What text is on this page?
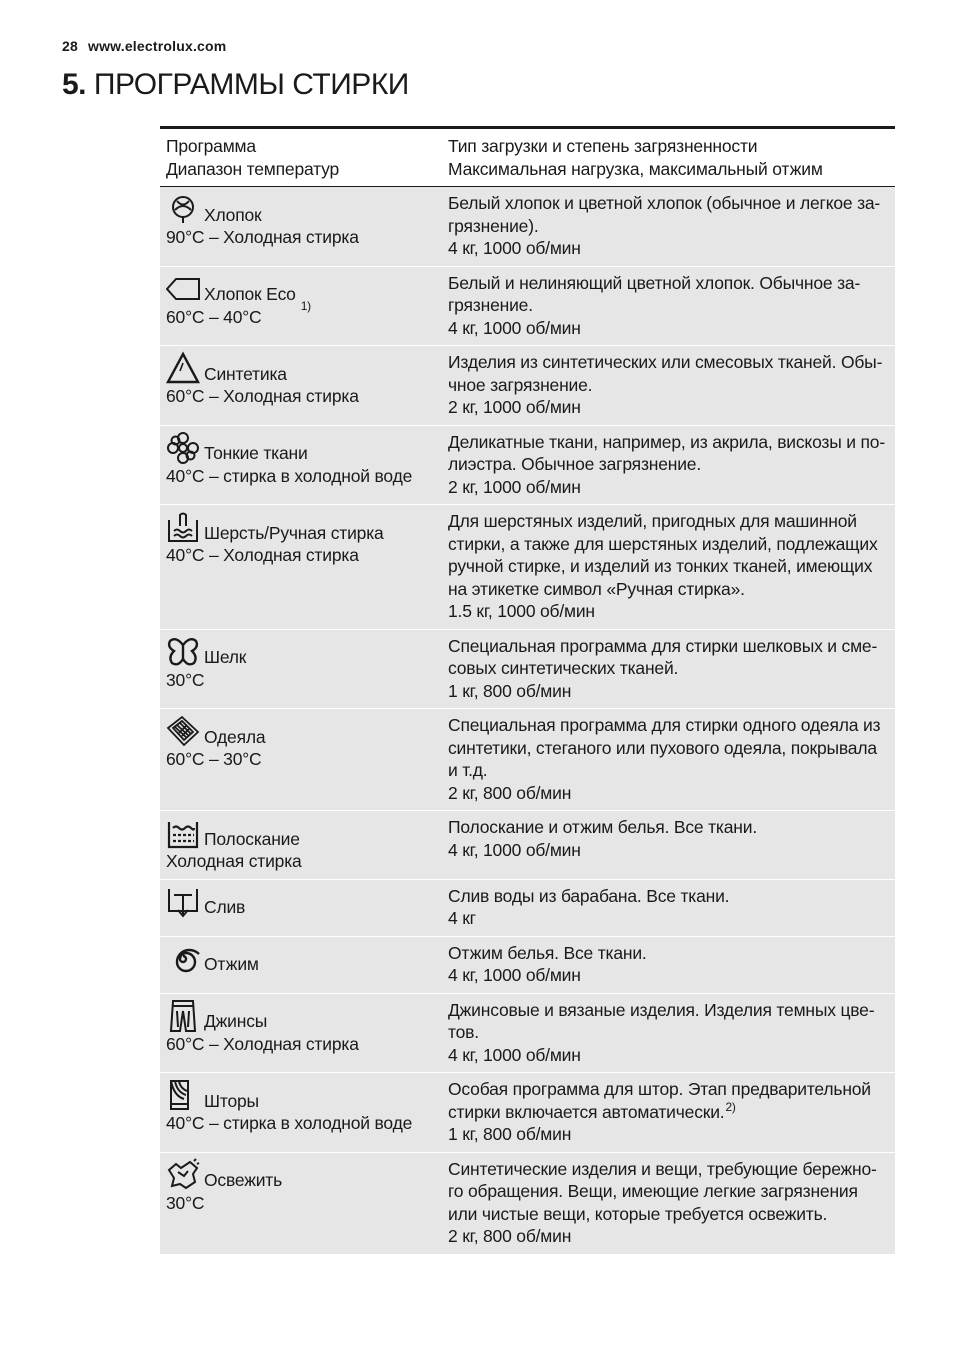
28 www.electrolux.com
5. ПРОГРАММЫ СТИРКИ
Программа
Диапазон температур	Тип загрузки и степень загрязненности
Максимальная нагрузка, максимальный отжим

Хлопок
90°C – Холодная стирка	Белый хлопок и цветной хлопок (обычное и легкое за-
грязнение).
4 кг, 1000 об/мин

Хлопок Eco
1)
60°C – 40°C	Белый и нелиняющий цветной хлопок. Обычное за-
грязнение.
4 кг, 1000 об/мин

Синтетика
60°C – Холодная стирка	Изделия из синтетических или смесовых тканей. Обы-
чное загрязнение.
2 кг, 1000 об/мин

Тонкие ткани
40°C – стирка в холодной воде	Деликатные ткани, например, из акрила, вискозы и по-
лиэстра. Обычное загрязнение.
2 кг, 1000 об/мин

Шерсть/Ручная стирка
40°C – Холодная стирка	Для шерстяных изделий, пригодных для машинной
стирки, а также для шерстяных изделий, подлежащих
ручной стирке, и изделий из тонких тканей, имеющих
на этикетке символ «Ручная стирка».
1.5 кг, 1000 об/мин

Шелк
30°C	Специальная программа для стирки шелковых и сме-
совых синтетических тканей.
1 кг, 800 об/мин

Одеяла
60°C – 30°C	Специальная программа для стирки одного одеяла из
синтетики, стеганого или пухового одеяла, покрывала
и т.д.
2 кг, 800 об/мин

Полоскание
Холодная стирка	Полоскание и отжим белья. Все ткани.
4 кг, 1000 об/мин

Слив	Слив воды из барабана. Все ткани.
4 кг

Отжим	Отжим белья. Все ткани.
4 кг, 1000 об/мин

Джинсы
60°C – Холодная стирка	Джинсовые и вязаные изделия. Изделия темных цве-
тов.
4 кг, 1000 об/мин

Шторы
40°C – стирка в холодной воде	Особая программа для штор. Этап предварительной
стирки включается автоматически.$^{2)}$
1 кг, 800 об/мин

Освежить
30°C	Синтетические изделия и вещи, требующие бережно-
го обращения. Вещи, имеющие легкие загрязнения
или чистые вещи, которые требуется освежить.
2 кг, 800 об/мин
